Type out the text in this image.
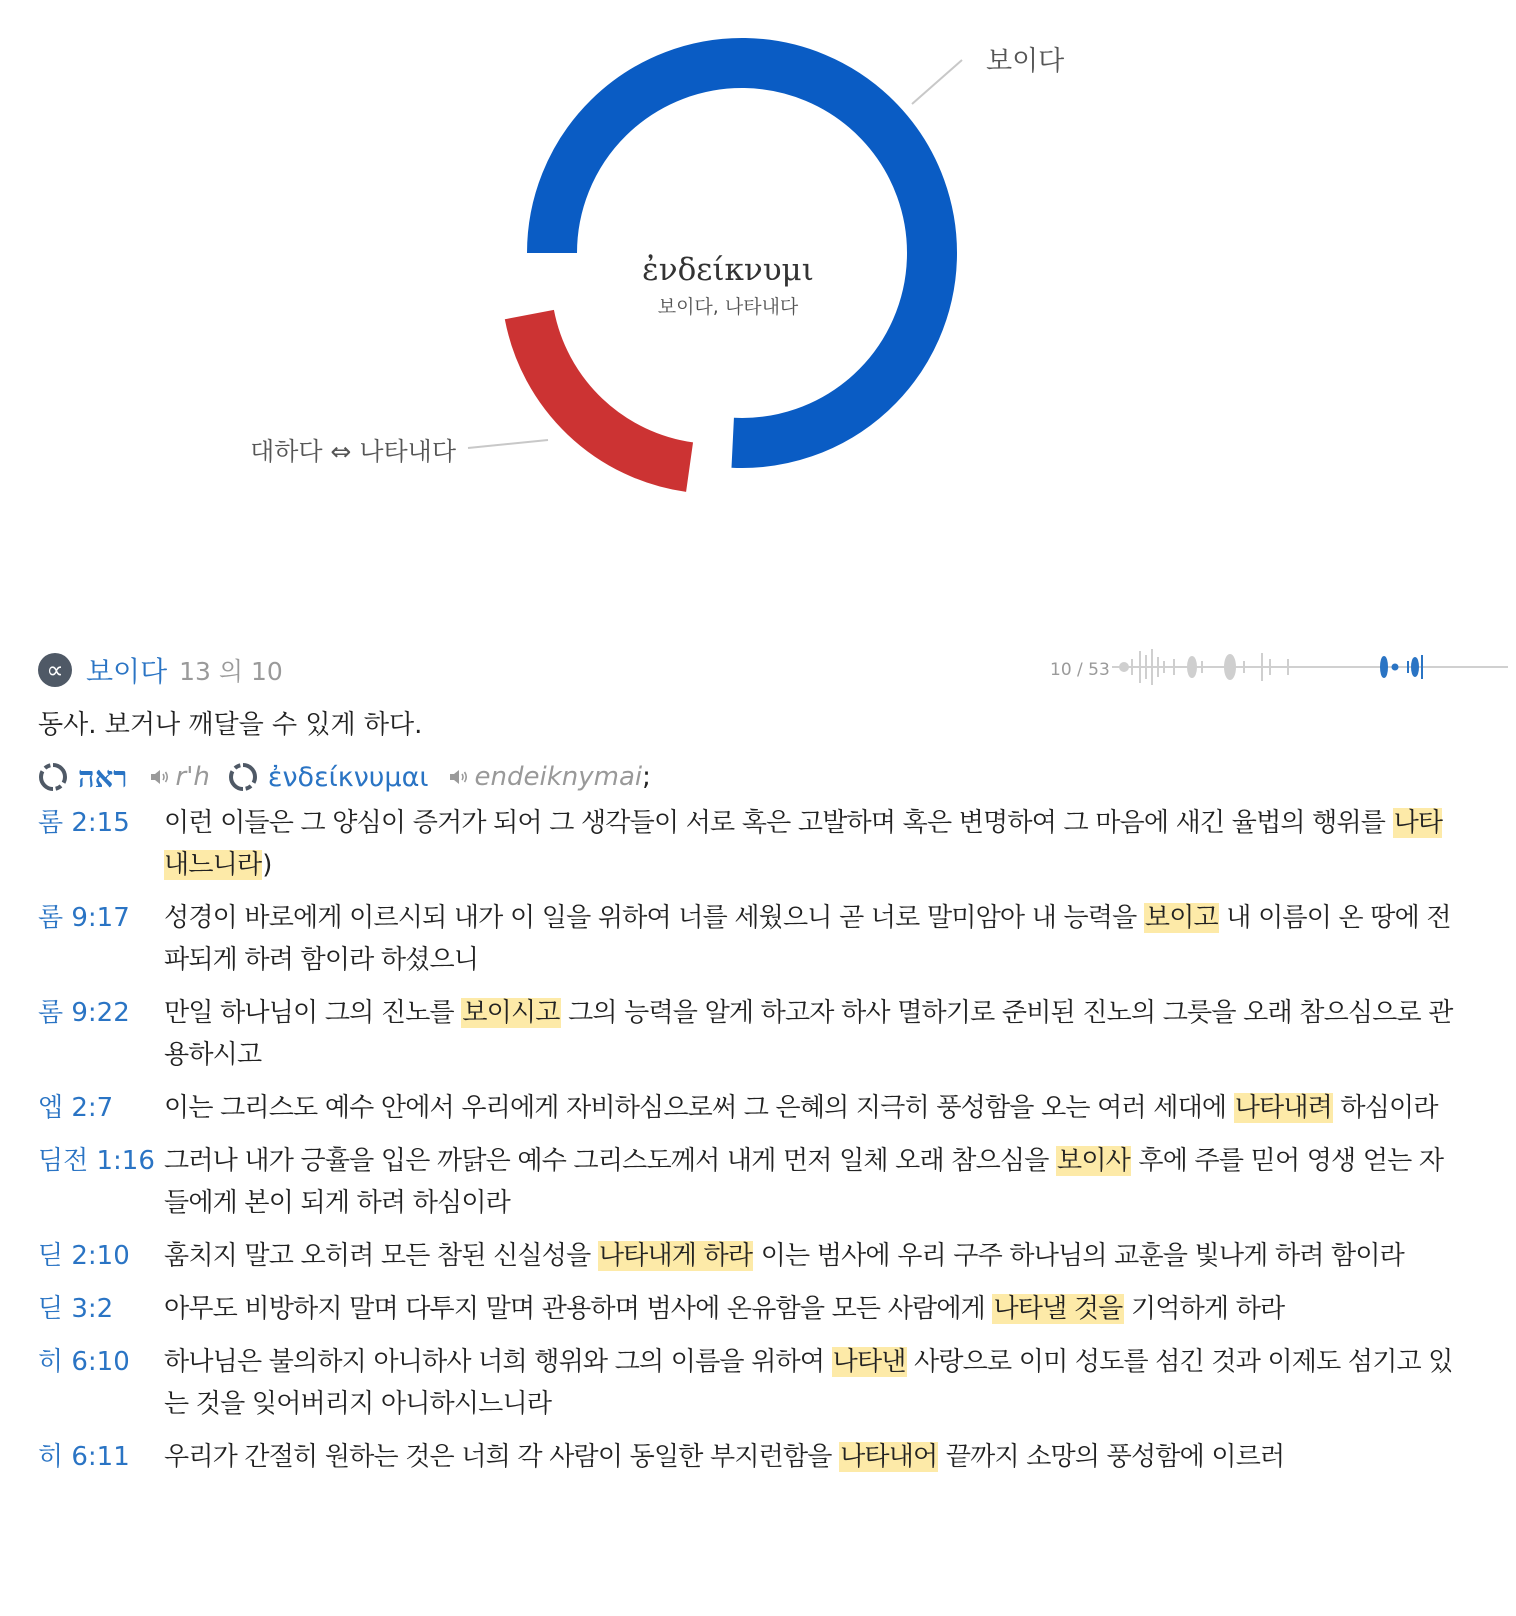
보이다
대하다 ⇔ 나타내다
ἐνδείκνυμι
보이다, 나타내다
∝ 보이다 13 의 10	10 / 53
동사. 보거나 깨달을 수 있게 하다.
ראה r'h ἐνδείκνυμαι endeiknymai ;
롬 2:15	이런 이들은 그 양심이 증거가 되어 그 생각들이 서로 혹은 고발하며 혹은 변명하여 그 마음에 새긴 율법의 행위를 나타내느니라)
롬 9:17	성경이 바로에게 이르시되 내가 이 일을 위하여 너를 세웠으니 곧 너로 말미암아 내 능력을 보이고 내 이름이 온 땅에 전파되게 하려 함이라 하셨으니
롬 9:22	만일 하나님이 그의 진노를 보이시고 그의 능력을 알게 하고자 하사 멸하기로 준비된 진노의 그릇을 오래 참으심으로 관용하시고
엡 2:7	이는 그리스도 예수 안에서 우리에게 자비하심으로써 그 은혜의 지극히 풍성함을 오는 여러 세대에 나타내려 하심이라
딤전 1:16 그러나 내가 긍휼을 입은 까닭은 예수 그리스도께서 내게 먼저 일체 오래 참으심을 보이사 후에 주를 믿어 영생 얻는 자들에게 본이 되게 하려 하심이라
딛 2:10	훔치지 말고 오히려 모든 참된 신실성을 나타내게 하라 이는 범사에 우리 구주 하나님의 교훈을 빛나게 하려 함이라
딛 3:2	아무도 비방하지 말며 다투지 말며 관용하며 범사에 온유함을 모든 사람에게 나타낼 것을 기억하게 하라
히 6:10	하나님은 불의하지 아니하사 너희 행위와 그의 이름을 위하여 나타낸 사랑으로 이미 성도를 섬긴 것과 이제도 섬기고 있는 것을 잊어버리지 아니하시느니라
히 6:11	우리가 간절히 원하는 것은 너희 각 사람이 동일한 부지런함을 나타내어 끝까지 소망의 풍성함에 이르러
